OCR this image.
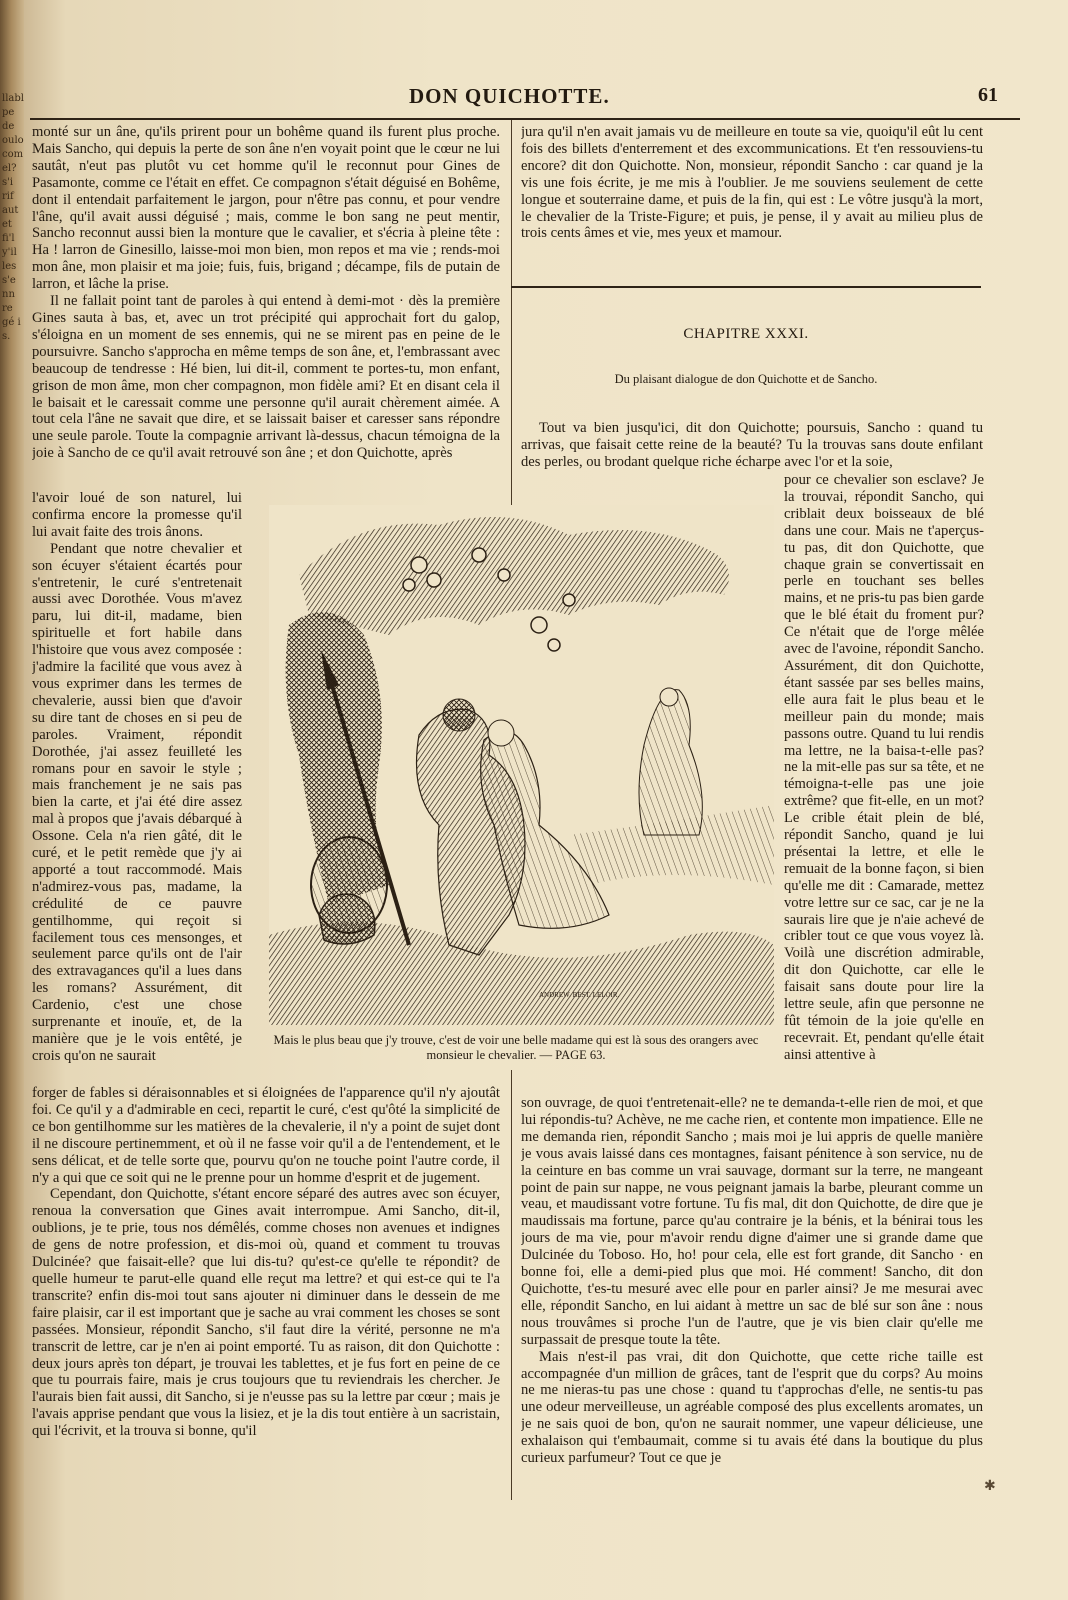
llabl pe de oulo com el? s'i rif aut et fi'l y'il les s'e nn re gé i s.
DON QUICHOTTE.	61

monté sur un âne, qu'ils prirent pour un bohême quand ils furent plus proche. Mais Sancho, qui depuis la perte de son âne n'en voyait point que le cœur ne lui sautât, n'eut pas plutôt vu cet homme qu'il le reconnut pour Gines de Pasamonte, comme ce l'était en effet. Ce compagnon s'était déguisé en Bohême, dont il entendait parfaitement le jargon, pour n'être pas connu, et pour vendre l'âne, qu'il avait aussi déguisé ; mais, comme le bon sang ne peut mentir, Sancho reconnut aussi bien la monture que le cavalier, et s'écria à pleine tête : Ha ! larron de Ginesillo, laisse-moi mon bien, mon repos et ma vie ; rends-moi mon âne, mon plaisir et ma joie; fuis, fuis, brigand ; décampe, fils de putain de larron, et lâche la prise.

Il ne fallait point tant de paroles à qui entend à demi-mot · dès la première Gines sauta à bas, et, avec un trot précipité qui approchait fort du galop, s'éloigna en un moment de ses ennemis, qui ne se mirent pas en peine de le poursuivre. Sancho s'approcha en même temps de son âne, et, l'embrassant avec beaucoup de tendresse : Hé bien, lui dit-il, comment te portes-tu, mon enfant, grison de mon âme, mon cher compagnon, mon fidèle ami? Et en disant cela il le baisait et le caressait comme une personne qu'il aurait chèrement aimée. A tout cela l'âne ne savait que dire, et se laissait baiser et caresser sans répondre une seule parole. Toute la compagnie arrivant là-dessus, chacun témoigna de la joie à Sancho de ce qu'il avait retrouvé son âne ; et don Quichotte, après

l'avoir loué de son naturel, lui confirma encore la promesse qu'il lui avait faite des trois ânons.

Pendant que notre chevalier et son écuyer s'étaient écartés pour s'entretenir, le curé s'entretenait aussi avec Dorothée. Vous m'avez paru, lui dit-il, madame, bien spirituelle et fort habile dans l'histoire que vous avez composée : j'admire la facilité que vous avez à vous exprimer dans les termes de chevalerie, aussi bien que d'avoir su dire tant de choses en si peu de paroles. Vraiment, répondit Dorothée, j'ai assez feuilleté les romans pour en savoir le style ; mais franchement je ne sais pas bien la carte, et j'ai été dire assez mal à propos que j'avais débarqué à Ossone. Cela n'a rien gâté, dit le curé, et le petit remède que j'y ai apporté a tout raccommodé. Mais n'admirez-vous pas, madame, la crédulité de ce pauvre gentilhomme, qui reçoit si facilement tous ces mensonges, et seulement parce qu'ils ont de l'air des extravagances qu'il a lues dans les romans? Assurément, dit Cardenio, c'est une chose surprenante et inouïe, et, de la manière que je le vois entêté, je crois qu'on ne saurait

forger de fables si déraisonnables et si éloignées de l'apparence qu'il n'y ajoutât foi. Ce qu'il y a d'admirable en ceci, repartit le curé, c'est qu'ôté la simplicité de ce bon gentilhomme sur les matières de la chevalerie, il n'y a point de sujet dont il ne discoure pertinemment, et où il ne fasse voir qu'il a de l'entendement, et le sens délicat, et de telle sorte que, pourvu qu'on ne touche point l'autre corde, il n'y a qui que ce soit qui ne le prenne pour un homme d'esprit et de jugement.

Cependant, don Quichotte, s'étant encore séparé des autres avec son écuyer, renoua la conversation que Gines avait interrompue. Ami Sancho, dit-il, oublions, je te prie, tous nos démêlés, comme choses non avenues et indignes de gens de notre profession, et dis-moi où, quand et comment tu trouvas Dulcinée? que faisait-elle? que lui dis-tu? qu'est-ce qu'elle te répondit? de quelle humeur te parut-elle quand elle reçut ma lettre? et qui est-ce qui te l'a transcrite? enfin dis-moi tout sans ajouter ni diminuer dans le dessein de me faire plaisir, car il est important que je sache au vrai comment les choses se sont passées. Monsieur, répondit Sancho, s'il faut dire la vérité, personne ne m'a transcrit de lettre, car je n'en ai point emporté. Tu as raison, dit don Quichotte : deux jours après ton départ, je trouvai les tablettes, et je fus fort en peine de ce que tu pourrais faire, mais je crus toujours que tu reviendrais les chercher. Je l'aurais bien fait aussi, dit Sancho, si je n'eusse pas su la lettre par cœur ; mais je l'avais apprise pendant que vous la lisiez, et je la dis tout entière à un sacristain, qui l'écrivit, et la trouva si bonne, qu'il

jura qu'il n'en avait jamais vu de meilleure en toute sa vie, quoiqu'il eût lu cent fois des billets d'enterrement et des excommunications. Et t'en ressouviens-tu encore? dit don Quichotte. Non, monsieur, répondit Sancho : car quand je la vis une fois écrite, je me mis à l'oublier. Je me souviens seulement de cette longue et souterraine dame, et puis de la fin, qui est : Le vôtre jusqu'à la mort, le chevalier de la Triste-Figure; et puis, je pense, il y avait au milieu plus de trois cents âmes et vie, mes yeux et mamour.

CHAPITRE XXXI.
Du plaisant dialogue de don Quichotte et de Sancho.

Tout va bien jusqu'ici, dit don Quichotte; poursuis, Sancho : quand tu arrivas, que faisait cette reine de la beauté? Tu la trouvas sans doute enfilant des perles, ou brodant quelque riche écharpe avec l'or et la soie,

pour ce chevalier son esclave? Je la trouvai, répondit Sancho, qui criblait deux boisseaux de blé dans une cour. Mais ne t'aperçus-tu pas, dit don Quichotte, que chaque grain se convertissait en perle en touchant ses belles mains, et ne pris-tu pas bien garde que le blé était du froment pur? Ce n'était que de l'orge mêlée avec de l'avoine, répondit Sancho. Assurément, dit don Quichotte, étant sassée par ses belles mains, elle aura fait le plus beau et le meilleur pain du monde; mais passons outre. Quand tu lui rendis ma lettre, ne la baisa-t-elle pas? ne la mit-elle pas sur sa tête, et ne témoigna-t-elle pas une joie extrême? que fit-elle, en un mot? Le crible était plein de blé, répondit Sancho, quand je lui présentai la lettre, et elle le remuait de la bonne façon, si bien qu'elle me dit : Camarade, mettez votre lettre sur ce sac, car je ne la saurais lire que je n'aie achevé de cribler tout ce que vous voyez là. Voilà une discrétion admirable, dit don Quichotte, car elle le faisait sans doute pour lire la lettre seule, afin que personne ne fût témoin de la joie qu'elle en recevrait. Et, pendant qu'elle était ainsi attentive à

son ouvrage, de quoi t'entretenait-elle? ne te demanda-t-elle rien de moi, et que lui répondis-tu? Achève, ne me cache rien, et contente mon impatience. Elle ne me demanda rien, répondit Sancho ; mais moi je lui appris de quelle manière je vous avais laissé dans ces montagnes, faisant pénitence à son service, nu de la ceinture en bas comme un vrai sauvage, dormant sur la terre, ne mangeant point de pain sur nappe, ne vous peignant jamais la barbe, pleurant comme un veau, et maudissant votre fortune. Tu fis mal, dit don Quichotte, de dire que je maudissais ma fortune, parce qu'au contraire je la bénis, et la bénirai tous les jours de ma vie, pour m'avoir rendu digne d'aimer une si grande dame que Dulcinée du Toboso. Ho, ho! pour cela, elle est fort grande, dit Sancho · en bonne foi, elle a demi-pied plus que moi. Hé comment! Sancho, dit don Quichotte, t'es-tu mesuré avec elle pour en parler ainsi? Je me mesurai avec elle, répondit Sancho, en lui aidant à mettre un sac de blé sur son âne : nous nous trouvâmes si proche l'un de l'autre, que je vis bien clair qu'elle me surpassait de presque toute la tête.

Mais n'est-il pas vrai, dit don Quichotte, que cette riche taille est accompagnée d'un million de grâces, tant de l'esprit que du corps? Au moins ne me nieras-tu pas une chose : quand tu t'approchas d'elle, ne sentis-tu pas une odeur merveilleuse, un agréable composé des plus excellents aromates, un je ne sais quoi de bon, qu'on ne saurait nommer, une vapeur délicieuse, une exhalaison qui t'embaumait, comme si tu avais été dans la boutique du plus curieux parfumeur? Tout ce que je

ANDREW. BEST. LELOIR.
Mais le plus beau que j'y trouve, c'est de voir une belle madame qui est là sous des orangers avec monsieur le chevalier. — PAGE 63.
✱
